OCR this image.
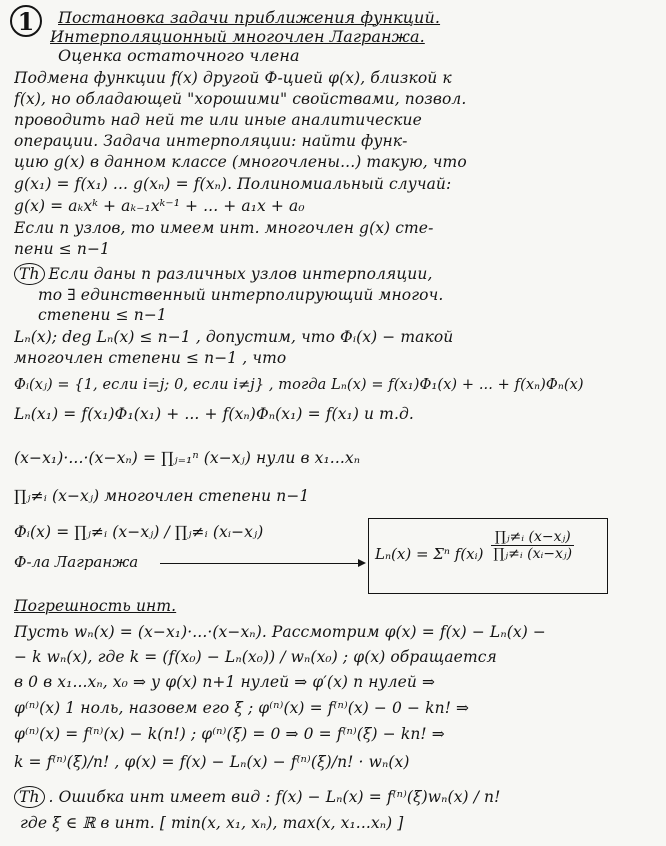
1	Постановка задачи приближения функций.
Интерполяционный многочлен Лагранжа.
Оценка остаточного члена
Подмена функции f(x) другой Ф-цией φ(x), близкой к
f(x), но обладающей "хорошими" свойствами, позвол.
проводить над ней те или иные аналитические
операции. Задача интерполяции: найти функ-
цию g(x) в данном классе (многочлены...) такую, что
g(x₁) = f(x₁) ... g(xₙ) = f(xₙ). Полиномиальный случай:
g(x) = aₖxᵏ + aₖ₋₁xᵏ⁻¹ + ... + a₁x + a₀
Если n узлов, то имеем инт. многочлен g(x) сте-
пени ≤ n−1
Th Если даны n различных узлов интерполяции,
то ∃ единственный интерполирующий многоч.
степени ≤ n−1
Lₙ(x); deg Lₙ(x) ≤ n−1 , допустим, что Φᵢ(x) − такой
многочлен степени ≤ n−1 , что
Φᵢ(xⱼ) = {1, если i=j; 0, если i≠j} , тогда Lₙ(x) = f(x₁)Φ₁(x) + ... + f(xₙ)Φₙ(x)
Lₙ(x₁) = f(x₁)Φ₁(x₁) + ... + f(xₙ)Φₙ(x₁) = f(x₁) и т.д.
(x−x₁)·...·(x−xₙ) = ∏ⱼ₌₁ⁿ (x−xⱼ) нули в x₁...xₙ
∏ⱼ≠ᵢ (x−xⱼ) многочлен степени n−1
Φᵢ(x) = ∏ⱼ≠ᵢ (x−xⱼ) / ∏ⱼ≠ᵢ (xᵢ−xⱼ)
Ф-ла Лагранжа	Lₙ(x) = Σⁿ f(xᵢ) $\frac{\text{∏ⱼ≠ᵢ (x−xⱼ)}}{\text{∏ⱼ≠ᵢ (xᵢ−xⱼ)}}$
Погрешность инт.
Пусть wₙ(x) = (x−x₁)·...·(x−xₙ). Рассмотрим φ(x) = f(x) − Lₙ(x) −
− k wₙ(x), где k = (f(x₀) − Lₙ(x₀)) / wₙ(x₀) ; φ(x) обращается
в 0 в x₁...xₙ, x₀ ⇒ у φ(x) n+1 нулей ⇒ φ′(x) n нулей ⇒
φ⁽ⁿ⁾(x) 1 ноль, назовем его ξ ; φ⁽ⁿ⁾(x) = f⁽ⁿ⁾(x) − 0 − kn! ⇒
φ⁽ⁿ⁾(x) = f⁽ⁿ⁾(x) − k(n!) ; φ⁽ⁿ⁾(ξ) = 0 ⇒ 0 = f⁽ⁿ⁾(ξ) − kn! ⇒
k = f⁽ⁿ⁾(ξ)/n! , φ(x) = f(x) − Lₙ(x) − f⁽ⁿ⁾(ξ)/n! · wₙ(x)
Th . Ошибка инт имеет вид : f(x) − Lₙ(x) = f⁽ⁿ⁾(ξ)wₙ(x) / n!
где ξ ∈ ℝ в инт. [ min(x, x₁, xₙ), max(x, x₁...xₙ) ]
